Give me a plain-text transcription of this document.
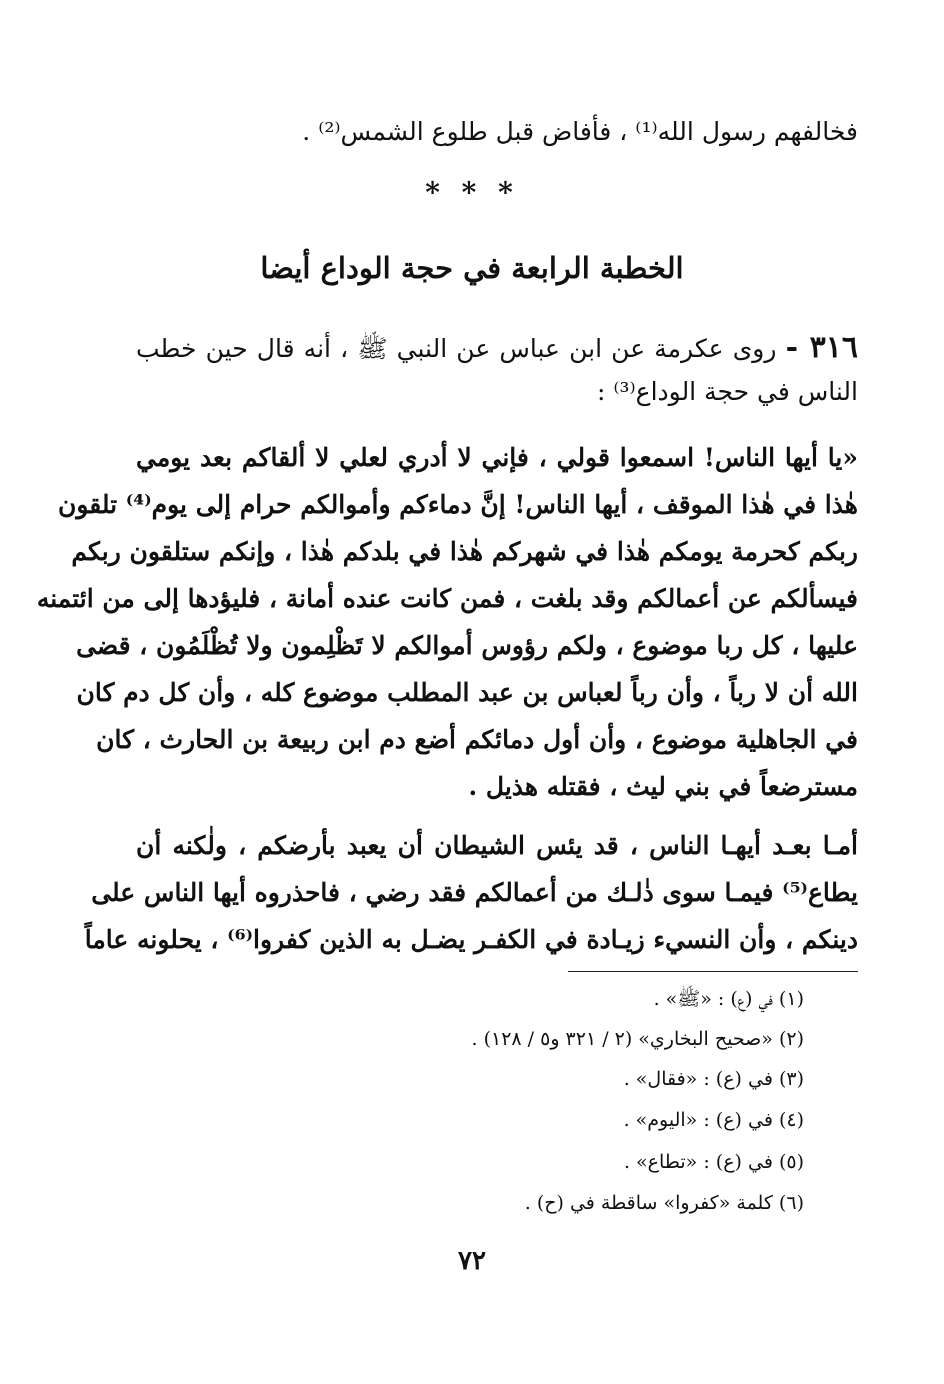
فخالفهم رسول الله⁽¹⁾ ، فأفاض قبل طلوع الشمس⁽²⁾ .
* * *
الخطبة الرابعة في حجة الوداع أيضا
٣١٦ - روى عكرمة عن ابن عباس عن النبي ﷺ ، أنه قال حين خطب
الناس في حجة الوداع⁽³⁾ :
«يا أيها الناس! اسمعوا قولي ، فإني لا أدري لعلي لا ألقاكم بعد يومي
هٰذا في هٰذا الموقف ، أيها الناس! إنَّ دماءكم وأموالكم حرام إلى يوم⁽⁴⁾ تلقون
ربكم كحرمة يومكم هٰذا في شهركم هٰذا في بلدكم هٰذا ، وإنكم ستلقون ربكم
فيسألكم عن أعمالكم وقد بلغت ، فمن كانت عنده أمانة ، فليؤدها إلى من ائتمنه
عليها ، كل ربا موضوع ، ولكم رؤوس أموالكم لا تَظْلِمون ولا تُظْلَمُون ، قضى
الله أن لا رباً ، وأن رباً لعباس بن عبد المطلب موضوع كله ، وأن كل دم كان
في الجاهلية موضوع ، وأن أول دمائكم أضع دم ابن ربيعة بن الحارث ، كان
مسترضعاً في بني ليث ، فقتله هذيل .
أمـا بعـد أيهـا الناس ، قد يئس الشيطان أن يعبد بأرضكم ، ولٰكنه أن
يطاع⁽⁵⁾ فيمـا سوى ذٰلـك من أعمالكم فقد رضي ، فاحذروه أيها الناس على
دينكم ، وأن النسيء زيـادة في الكفـر يضـل به الذين كفروا⁽⁶⁾ ، يحلونه عاماً
(١) في (ع) : «ﷺ» .
(٢) «صحيح البخاري» (٢ / ٣٢١ و٥ / ١٢٨) .
(٣) في (ع) : «فقال» .
(٤) في (ع) : «اليوم» .
(٥) في (ع) : «تطاع» .
(٦) كلمة «كفروا» ساقطة في (ح) .
٧٢
